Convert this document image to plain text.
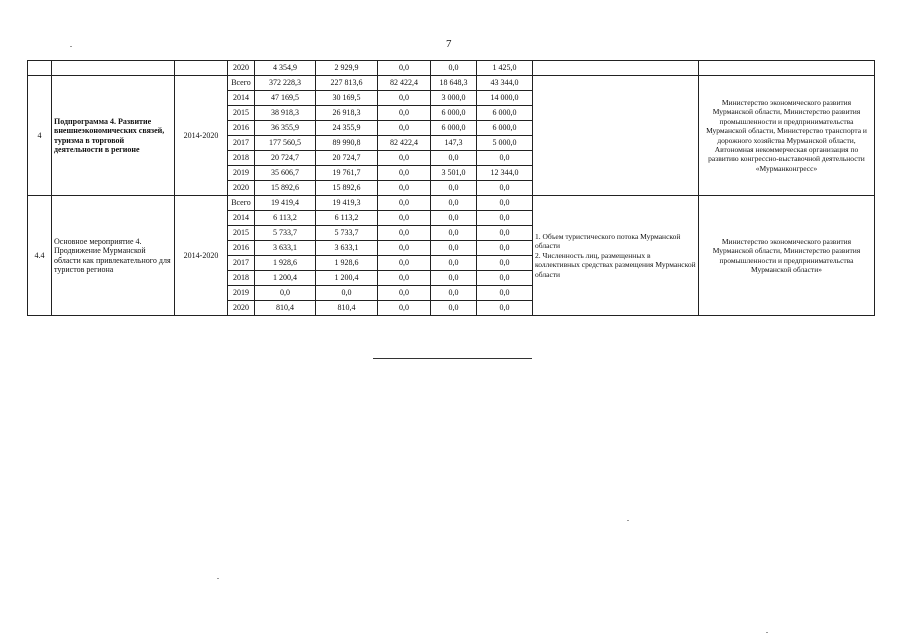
7
			2020	4 354,9	2 929,9	0,0	0,0	1 425,0		
4	Подпрограмма 4. Развитие внешнеэкономических связей, туризма в торговой деятельности в регионе	2014-2020	Всего	372 228,3	227 813,6	82 422,4	18 648,3	43 344,0		Министерство экономического развития Мурманской области, Министерство развития промышленности и предпринимательства Мурманской области, Министерство транспорта и дорожного хозяйства Мурманской области, Автономная некоммерческая организация по развитию конгрессно-выставочной деятельности «Мурманконгресс»
			2014	47 169,5	30 169,5	0,0	3 000,0	14 000,0		
			2015	38 918,3	26 918,3	0,0	6 000,0	6 000,0		
			2016	36 355,9	24 355,9	0,0	6 000,0	6 000,0		
			2017	177 560,5	89 990,8	82 422,4	147,3	5 000,0		
			2018	20 724,7	20 724,7	0,0	0,0	0,0		
			2019	35 606,7	19 761,7	0,0	3 501,0	12 344,0		
			2020	15 892,6	15 892,6	0,0	0,0	0,0		
4.4	Основное мероприятие 4. Продвижение Мурманской области как привлекательного для туристов региона	2014-2020	Всего	19 419,4	19 419,3	0,0	0,0	0,0	1. Объем туристического потока Мурманской области
2. Численность лиц, размещенных в коллективных средствах размещения Мурманской области	Министерство экономического развития Мурманской области, Министерство развития промышленности и предпринимательства Мурманской области»
			2014	6 113,2	6 113,2	0,0	0,0	0,0		
			2015	5 733,7	5 733,7	0,0	0,0	0,0		
			2016	3 633,1	3 633,1	0,0	0,0	0,0		
			2017	1 928,6	1 928,6	0,0	0,0	0,0		
			2018	1 200,4	1 200,4	0,0	0,0	0,0		
			2019	0,0	0,0	0,0	0,0	0,0		
			2020	810,4	810,4	0,0	0,0	0,0		
